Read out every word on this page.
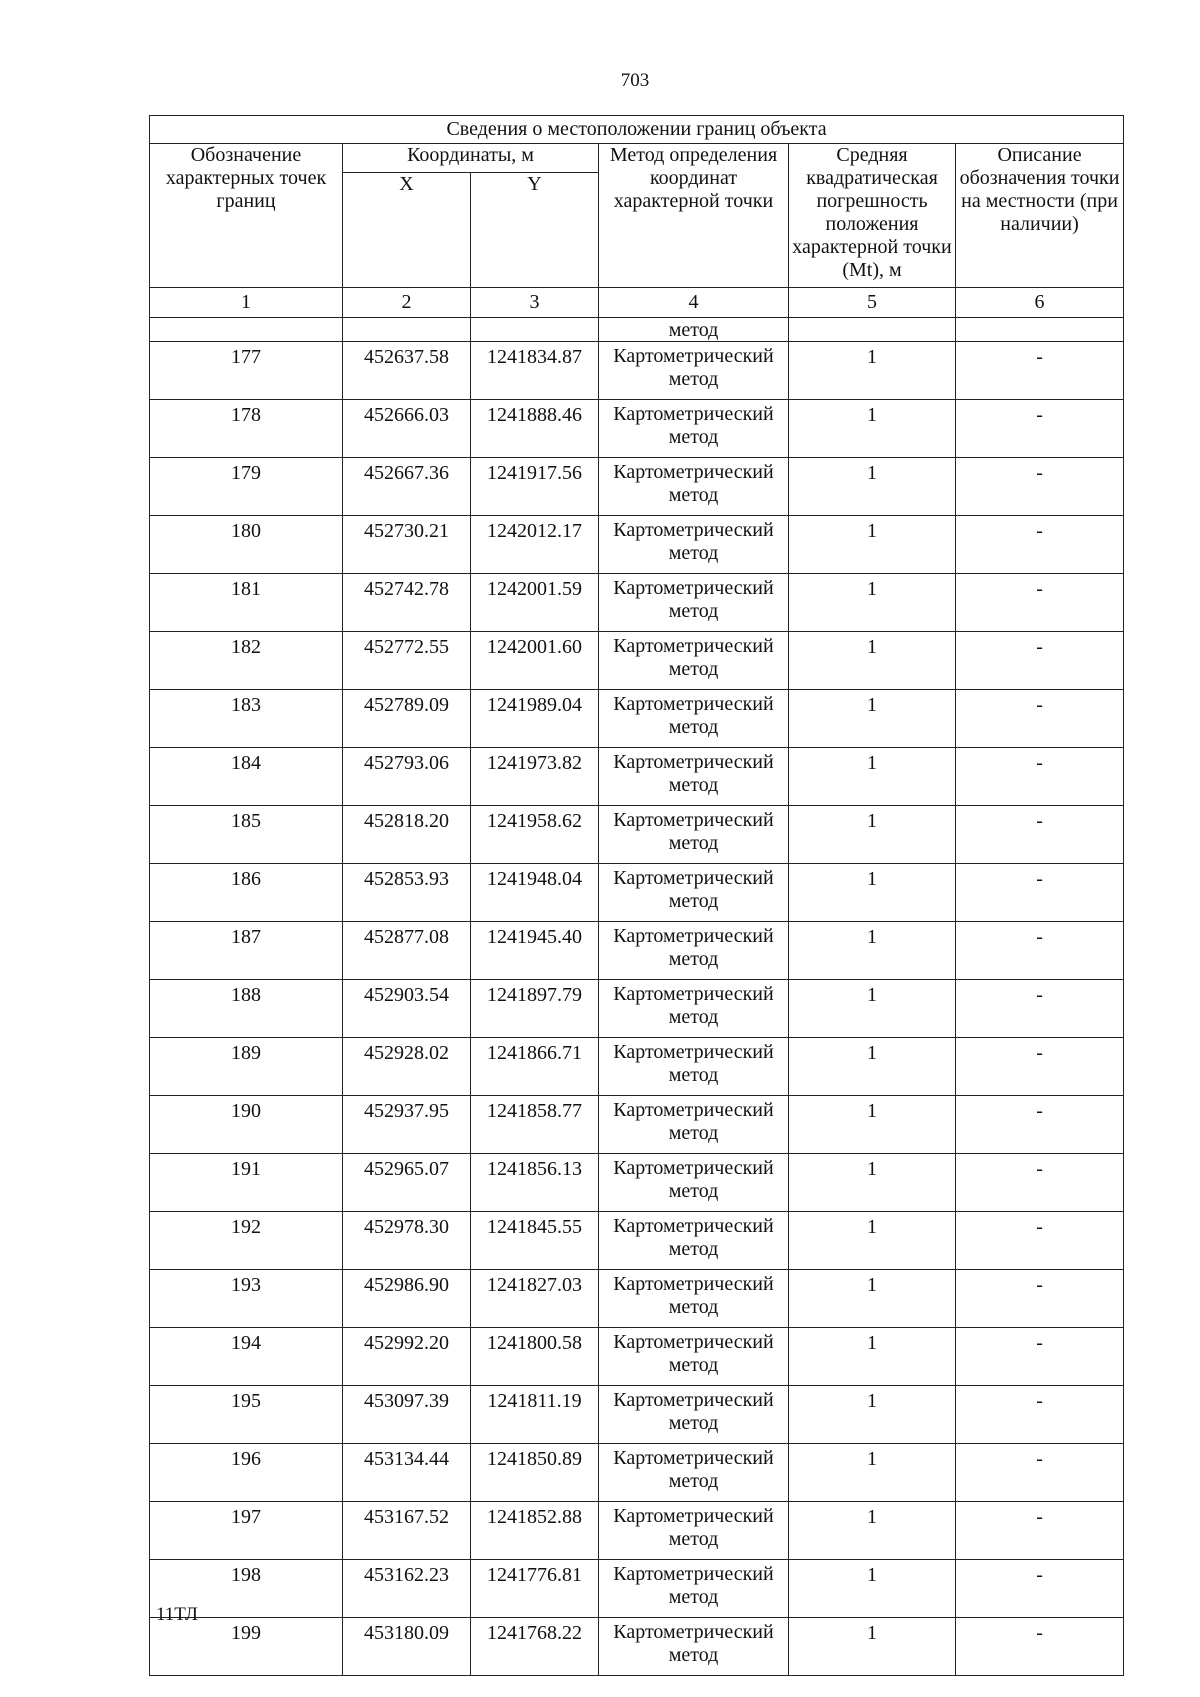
703
Сведения о местоположении границ объекта					
Обозначение характерных точек границ	Координаты, м		Метод определения координат характерной точки	Средняя квадратическая погрешность положения характерной точки (Mt), м	Описание обозначения точки на местности (при наличии)
	X	Y			
1	2	3	4	5	6
			метод		
177	452637.58	1241834.87	Картометрический метод	1	-
178	452666.03	1241888.46	Картометрический метод	1	-
179	452667.36	1241917.56	Картометрический метод	1	-
180	452730.21	1242012.17	Картометрический метод	1	-
181	452742.78	1242001.59	Картометрический метод	1	-
182	452772.55	1242001.60	Картометрический метод	1	-
183	452789.09	1241989.04	Картометрический метод	1	-
184	452793.06	1241973.82	Картометрический метод	1	-
185	452818.20	1241958.62	Картометрический метод	1	-
186	452853.93	1241948.04	Картометрический метод	1	-
187	452877.08	1241945.40	Картометрический метод	1	-
188	452903.54	1241897.79	Картометрический метод	1	-
189	452928.02	1241866.71	Картометрический метод	1	-
190	452937.95	1241858.77	Картометрический метод	1	-
191	452965.07	1241856.13	Картометрический метод	1	-
192	452978.30	1241845.55	Картометрический метод	1	-
193	452986.90	1241827.03	Картометрический метод	1	-
194	452992.20	1241800.58	Картометрический метод	1	-
195	453097.39	1241811.19	Картометрический метод	1	-
196	453134.44	1241850.89	Картометрический метод	1	-
197	453167.52	1241852.88	Картометрический метод	1	-
198	453162.23	1241776.81	Картометрический метод	1	-
199	453180.09	1241768.22	Картометрический метод	1	-
11ТЛ
